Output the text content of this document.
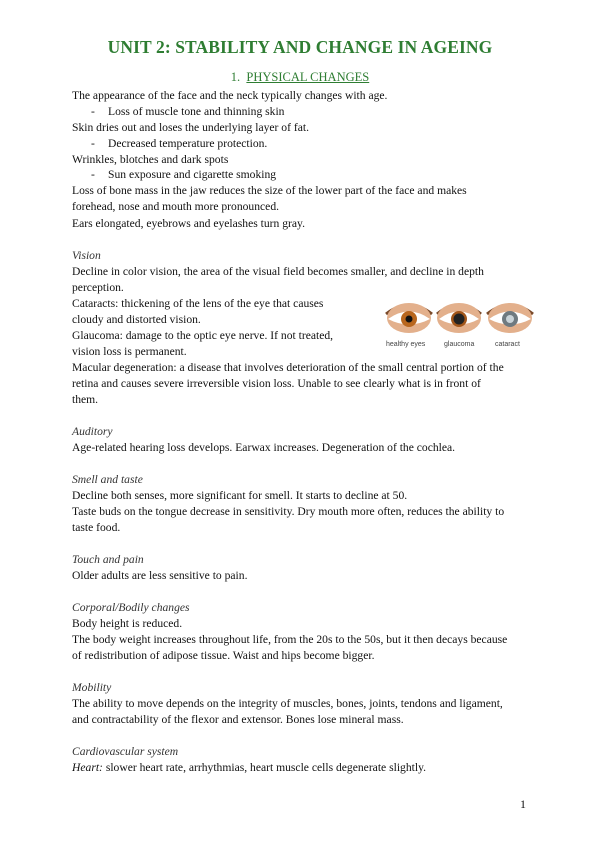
UNIT 2: STABILITY AND CHANGE IN AGEING
1. PHYSICAL CHANGES

The appearance of the face and the neck typically changes with age.

- Loss of muscle tone and thinning skin

Skin dries out and loses the underlying layer of fat.

- Decreased temperature protection.

Wrinkles, blotches and dark spots

- Sun exposure and cigarette smoking

Loss of bone mass in the jaw reduces the size of the lower part of the face and makes

forehead, nose and mouth more pronounced.

Ears elongated, eyebrows and eyelashes turn gray.

Vision

Decline in color vision, the area of the visual field becomes smaller, and decline in depth

perception.

Cataracts: thickening of the lens of the eye that causes

cloudy and distorted vision.

Glaucoma: damage to the optic eye nerve. If not treated,

vision loss is permanent.

Macular degeneration: a disease that involves deterioration of the small central portion of the

retina and causes severe irreversible vision loss. Unable to see clearly what is in front of

them.

healthy eyes	glaucoma	cataract

Auditory

Age-related hearing loss develops. Earwax increases. Degeneration of the cochlea.

Smell and taste

Decline both senses, more significant for smell. It starts to decline at 50.

Taste buds on the tongue decrease in sensitivity. Dry mouth more often, reduces the ability to

taste food.

Touch and pain

Older adults are less sensitive to pain.

Corporal/Bodily changes

Body height is reduced.

The body weight increases throughout life, from the 20s to the 50s, but it then decays because

of redistribution of adipose tissue. Waist and hips become bigger.

Mobility

The ability to move depends on the integrity of muscles, bones, joints, tendons and ligament,

and contractability of the flexor and extensor. Bones lose mineral mass.

Cardiovascular system

Heart: slower heart rate, arrhythmias, heart muscle cells degenerate slightly.

1
